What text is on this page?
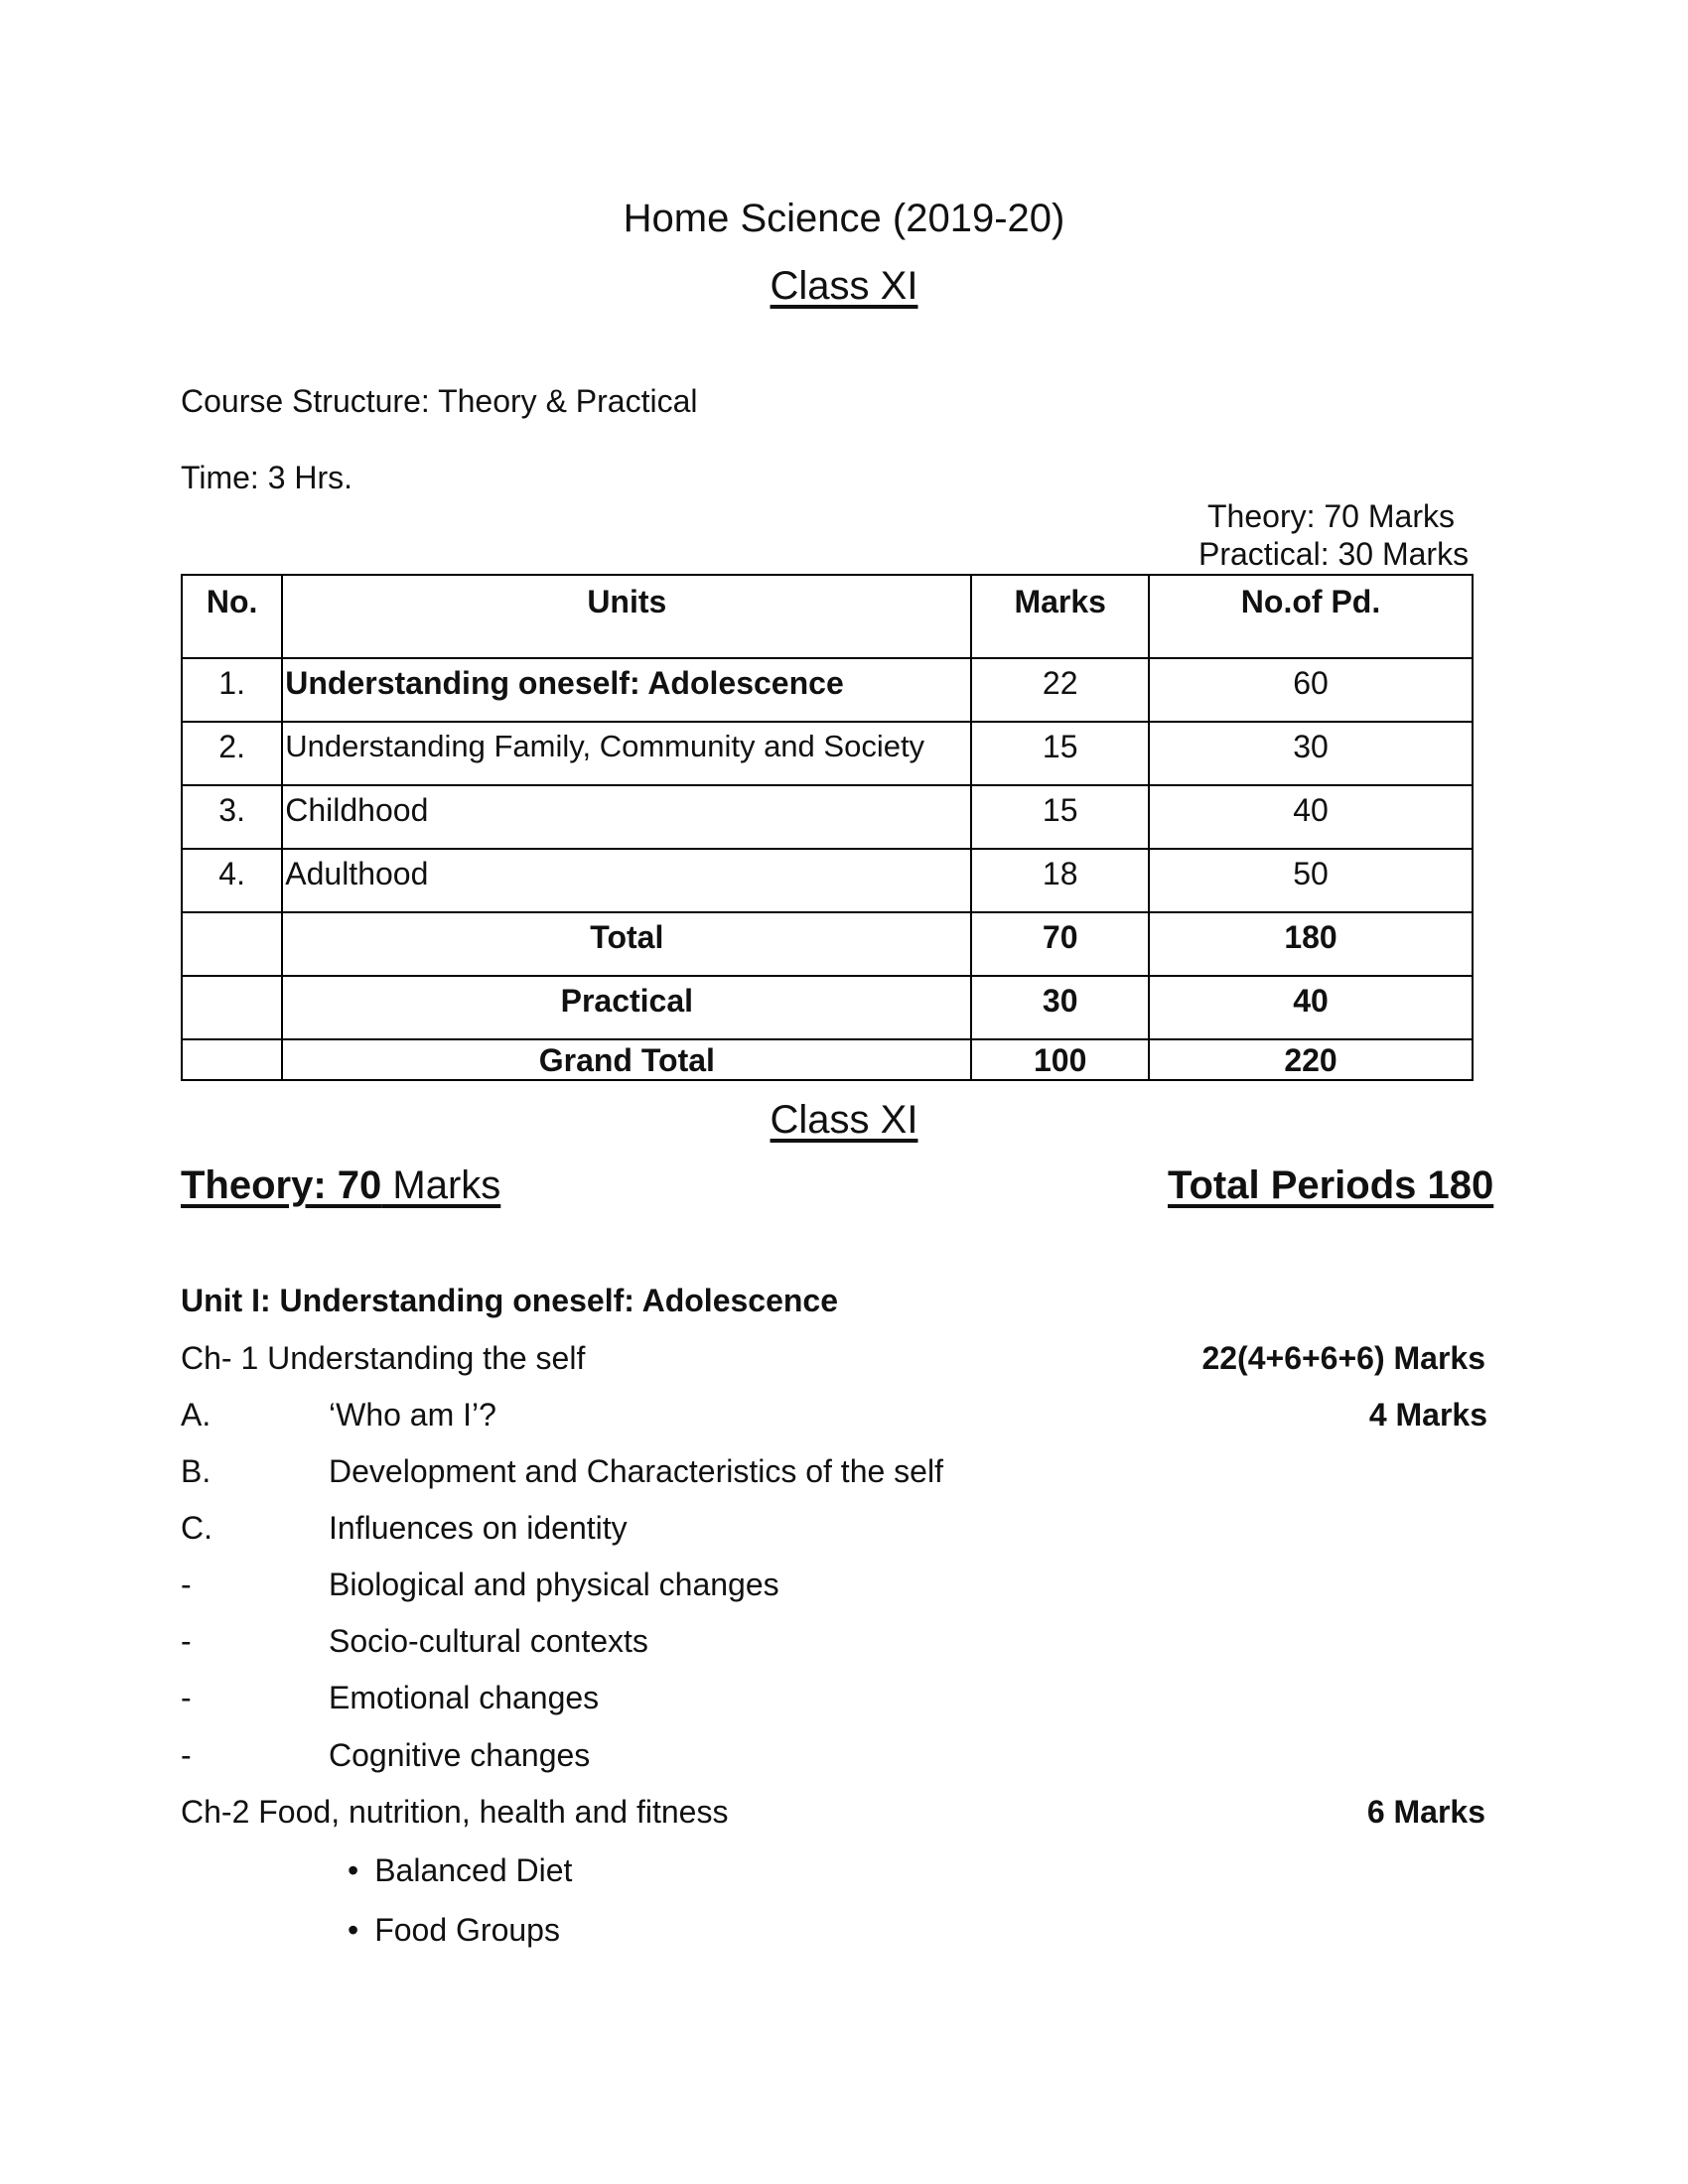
Home Science (2019-20)
Class XI
Course Structure: Theory & Practical
Time: 3 Hrs.
Theory: 70 Marks
Practical: 30 Marks
No.	Units	Marks	No.of Pd.
1.	Understanding oneself: Adolescence	22	60
2.	Understanding Family, Community and Society	15	30
3.	Childhood	15	40
4.	Adulthood	18	50
	Total	70	180
	Practical	30	40
	Grand Total	100	220
Class XI
Theory: 70 Marks	Total Periods 180
Unit I: Understanding oneself: Adolescence
Ch- 1 Understanding the self	22(4+6+6+6) Marks
A.	‘Who am I’?	4 Marks
B.	Development and Characteristics of the self
C.	Influences on identity
-	Biological and physical changes
-	Socio-cultural contexts
-	Emotional changes
-	Cognitive changes
Ch-2 Food, nutrition, health and fitness	6 Marks
• Balanced Diet
• Food Groups
